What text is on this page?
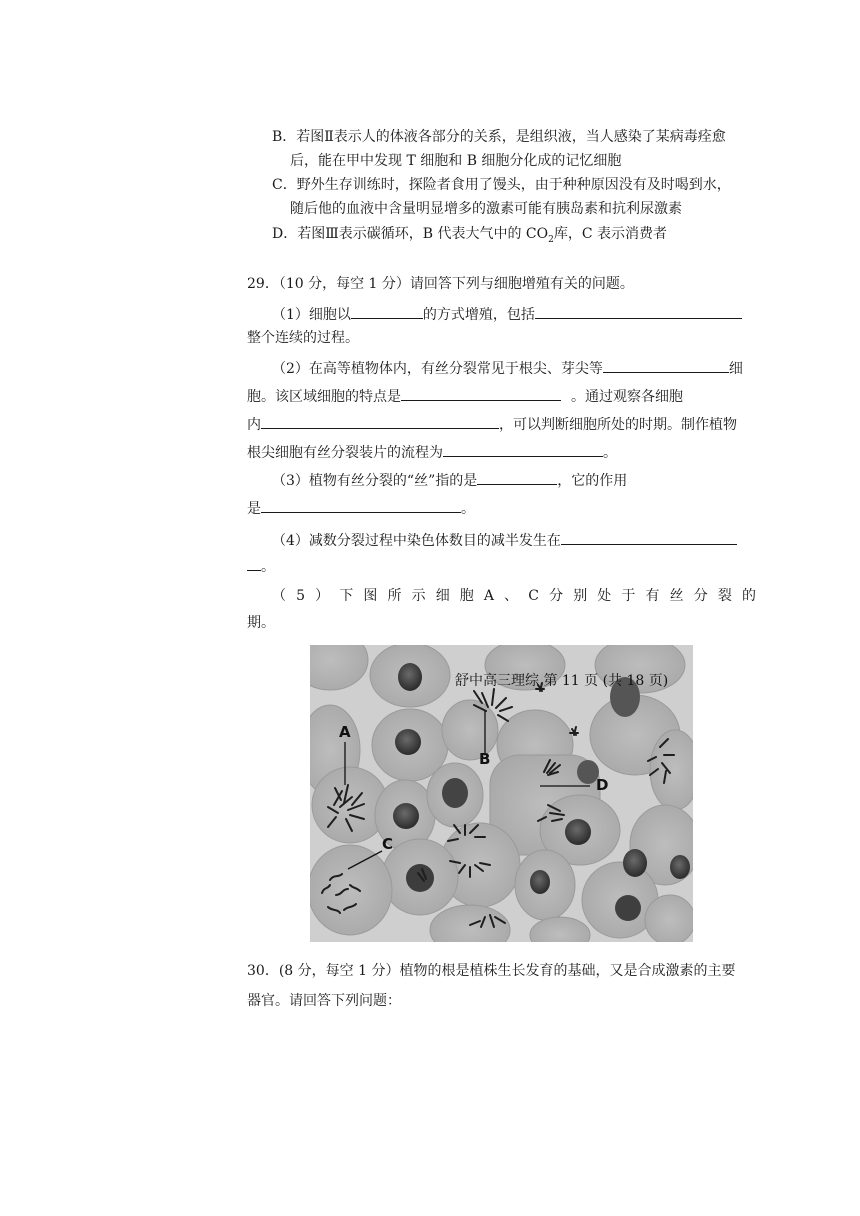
B．若图Ⅱ表示人的体液各部分的关系，是组织液，当人感染了某病毒痊愈
后，能在甲中发现 T 细胞和 B 细胞分化成的记忆细胞
C．野外生存训练时，探险者食用了馒头，由于种种原因没有及时喝到水，
随后他的血液中含量明显增多的激素可能有胰岛素和抗利尿激素
D．若图Ⅲ表示碳循环，B 代表大气中的 $CO_2$库，C 表示消费者
29．（10 分，每空 1 分）请回答下列与细胞增殖有关的问题。
（1）细胞以	的方式增殖，包括
整个连续的过程。
（2）在高等植物体内，有丝分裂常见于根尖、芽尖等	细
胞。该区域细胞的特点是	。通过观察各细胞
内	，可以判断细胞所处的时期。制作植物
根尖细胞有丝分裂装片的流程为	。
（3）植物有丝分裂的“丝”指的是	，它的作用
是	。
（4）减数分裂过程中染色体数目的减半发生在
。
（ 5 ） 下 图 所 示 细 胞 A 、 C 分 别 处 于 有 丝 分 裂 的
期。
舒中高三理综 第 11 页 (共 18 页)
A
B
D
C
30．(8 分，每空 1 分）植物的根是植株生长发育的基础，又是合成激素的主要
器官。请回答下列问题：
